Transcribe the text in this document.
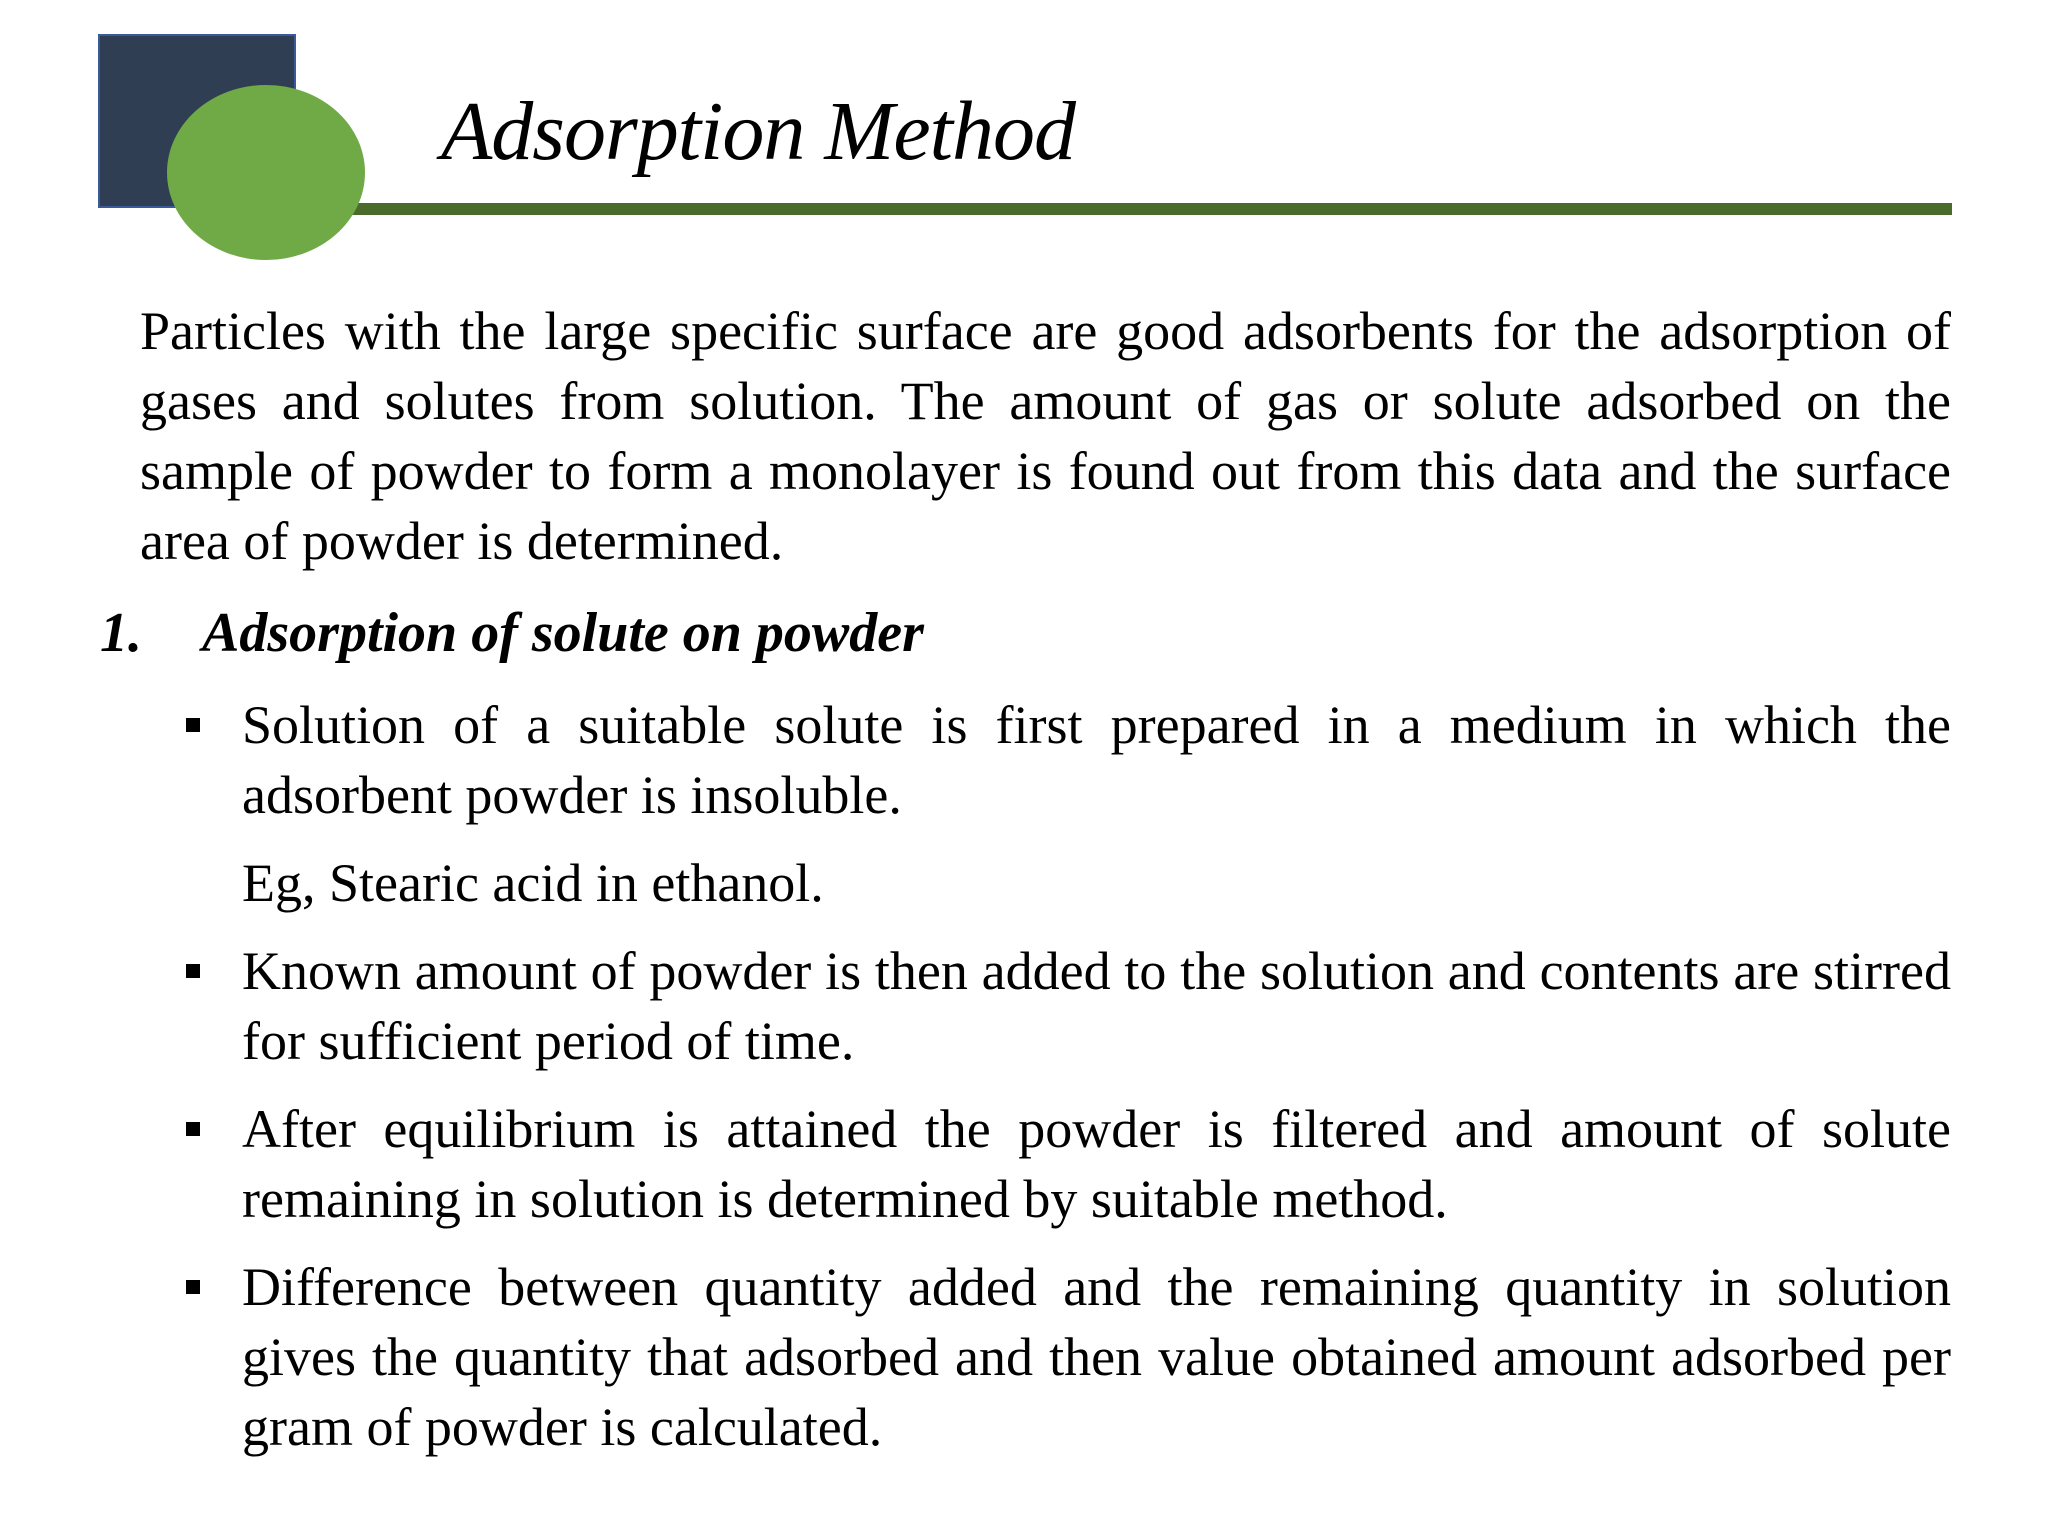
Adsorption Method

Particles with the large specific surface are good adsorbents for the adsorption of gases and solutes from solution. The amount of gas or solute adsorbed on the sample of powder to form a monolayer is found out from this data and the surface area of powder is determined.

1. Adsorption of solute on powder
Solution of a suitable solute is first prepared in a medium in which the adsorbent powder is insoluble.
Eg, Stearic acid in ethanol.
Known amount of powder is then added to the solution and contents are stirred for sufficient period of time.
After equilibrium is attained the powder is filtered and amount of solute remaining in solution is determined by suitable method.
Difference between quantity added and the remaining quantity in solution gives the quantity that adsorbed and then value obtained amount adsorbed per gram of powder is calculated.
